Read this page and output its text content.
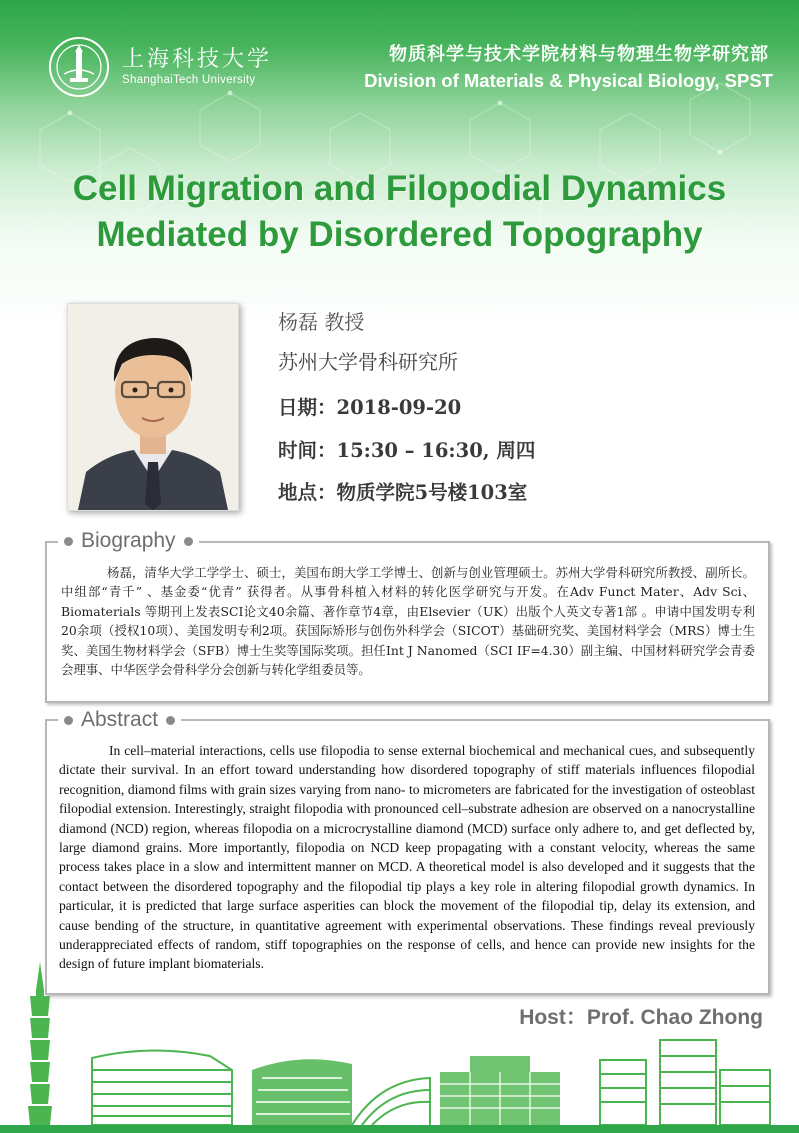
上海科技大学
ShanghaiTech University
物质科学与技术学院材料与物理生物学研究部
Division of Materials & Physical Biology, SPST
Cell Migration and Filopodial Dynamics
Mediated by Disordered Topography
杨磊 教授
苏州大学骨科研究所
日期：2018-09-20
时间：15:30 – 16:30, 周四
地点：物质学院5号楼103室
杨磊，清华大学工学学士、硕士，美国布朗大学工学博士、创新与创业管理硕士。苏州大学骨科研究所教授、副所长。 中组部“青千” 、基金委“优青” 获得者。从事骨科植入材料的转化医学研究与开发。在Adv Funct Mater、Adv Sci、Biomaterials 等期刊上发表SCI论文40余篇、著作章节4章，由Elsevier（UK）出版个人英文专著1部 。申请中国发明专利20余项（授权10项）、美国发明专利2项。获国际矫形与创伤外科学会（SICOT）基础研究奖、美国材料学会（MRS）博士生奖、美国生物材料学会（SFB）博士生奖等国际奖项。担任Int J Nanomed（SCI IF=4.30）副主编、中国材料研究学会青委会理事、中华医学会骨科学分会创新与转化学组委员等。
Biography
In cell–material interactions, cells use filopodia to sense external biochemical and mechanical cues, and subsequently dictate their survival. In an effort toward understanding how disordered topography of stiff materials influences filopodial recognition, diamond films with grain sizes varying from nano- to micrometers are fabricated for the investigation of osteoblast filopodial extension. Interestingly, straight filopodia with pronounced cell–substrate adhesion are observed on a nanocrystalline diamond (NCD) region, whereas filopodia on a microcrystalline diamond (MCD) surface only adhere to, and get deflected by, large diamond grains. More importantly, filopodia on NCD keep propagating with a constant velocity, whereas the same process takes place in a slow and intermittent manner on MCD. A theoretical model is also developed and it suggests that the contact between the disordered topography and the filopodial tip plays a key role in altering filopodial growth dynamics. In particular, it is predicted that large surface asperities can block the movement of the filopodial tip, delay its extension, and cause bending of the structure, in quantitative agreement with experimental observations. These findings reveal previously underappreciated effects of random, stiff topographies on the response of cells, and hence can provide new insights for the design of future implant biomaterials.
Abstract
Host：Prof. Chao Zhong
